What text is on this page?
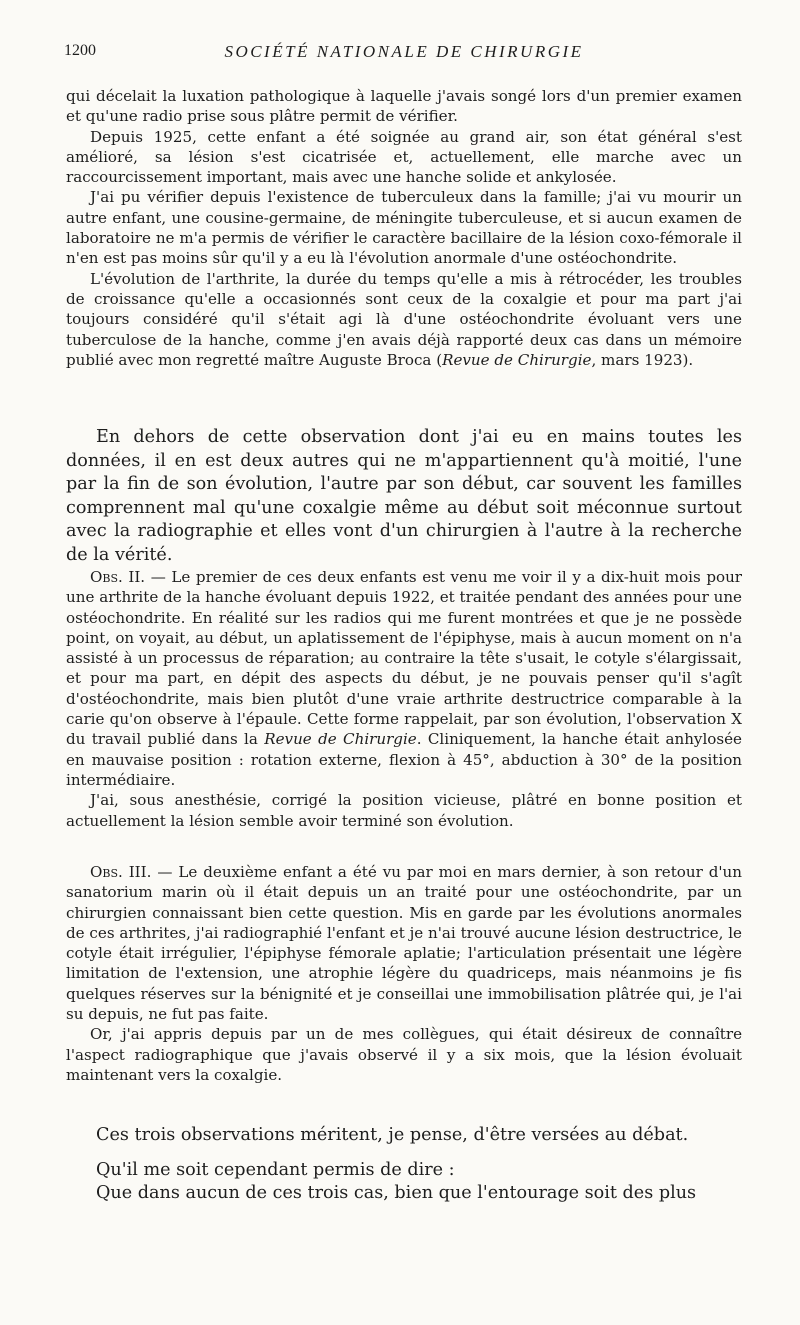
1200	SOCIÉTÉ NATIONALE DE CHIRURGIE

qui décelait la luxation pathologique à laquelle j'avais songé lors d'un premier examen et qu'une radio prise sous plâtre permit de vérifier.

Depuis 1925, cette enfant a été soignée au grand air, son état général s'est amélioré, sa lésion s'est cicatrisée et, actuellement, elle marche avec un raccourcissement important, mais avec une hanche solide et ankylosée.

J'ai pu vérifier depuis l'existence de tuberculeux dans la famille; j'ai vu mourir un autre enfant, une cousine-germaine, de méningite tuberculeuse, et si aucun examen de laboratoire ne m'a permis de vérifier le caractère bacillaire de la lésion coxo-fémorale il n'en est pas moins sûr qu'il y a eu là l'évolution anormale d'une ostéochondrite.

L'évolution de l'arthrite, la durée du temps qu'elle a mis à rétrocéder, les troubles de croissance qu'elle a occasionnés sont ceux de la coxalgie et pour ma part j'ai toujours considéré qu'il s'était agi là d'une ostéochondrite évoluant vers une tuberculose de la hanche, comme j'en avais déjà rapporté deux cas dans un mémoire publié avec mon regretté maître Auguste Broca (Revue de Chirurgie, mars 1923).

En dehors de cette observation dont j'ai eu en mains toutes les données, il en est deux autres qui ne m'appartiennent qu'à moitié, l'une par la fin de son évolution, l'autre par son début, car souvent les familles comprennent mal qu'une coxalgie même au début soit méconnue surtout avec la radiographie et elles vont d'un chirurgien à l'autre à la recherche de la vérité.

Obs. II. — Le premier de ces deux enfants est venu me voir il y a dix-huit mois pour une arthrite de la hanche évoluant depuis 1922, et traitée pendant des années pour une ostéochondrite. En réalité sur les radios qui me furent montrées et que je ne possède point, on voyait, au début, un aplatissement de l'épiphyse, mais à aucun moment on n'a assisté à un processus de réparation; au contraire la tête s'usait, le cotyle s'élargissait, et pour ma part, en dépit des aspects du début, je ne pouvais penser qu'il s'agît d'ostéochondrite, mais bien plutôt d'une vraie arthrite destructrice comparable à la carie qu'on observe à l'épaule. Cette forme rappelait, par son évolution, l'observation X du travail publié dans la Revue de Chirurgie. Cliniquement, la hanche était anhylosée en mauvaise position : rotation externe, flexion à 45°, abduction à 30° de la position intermédiaire.

J'ai, sous anesthésie, corrigé la position vicieuse, plâtré en bonne position et actuellement la lésion semble avoir terminé son évolution.

Obs. III. — Le deuxième enfant a été vu par moi en mars dernier, à son retour d'un sanatorium marin où il était depuis un an traité pour une ostéochondrite, par un chirurgien connaissant bien cette question. Mis en garde par les évolutions anormales de ces arthrites, j'ai radiographié l'enfant et je n'ai trouvé aucune lésion destructrice, le cotyle était irrégulier, l'épiphyse fémorale aplatie; l'articulation présentait une légère limitation de l'extension, une atrophie légère du quadriceps, mais néanmoins je fis quelques réserves sur la bénignité et je conseillai une immobilisation plâtrée qui, je l'ai su depuis, ne fut pas faite.

Or, j'ai appris depuis par un de mes collègues, qui était désireux de connaître l'aspect radiographique que j'avais observé il y a six mois, que la lésion évoluait maintenant vers la coxalgie.

Ces trois observations méritent, je pense, d'être versées au débat.

Qu'il me soit cependant permis de dire :

Que dans aucun de ces trois cas, bien que l'entourage soit des plus
